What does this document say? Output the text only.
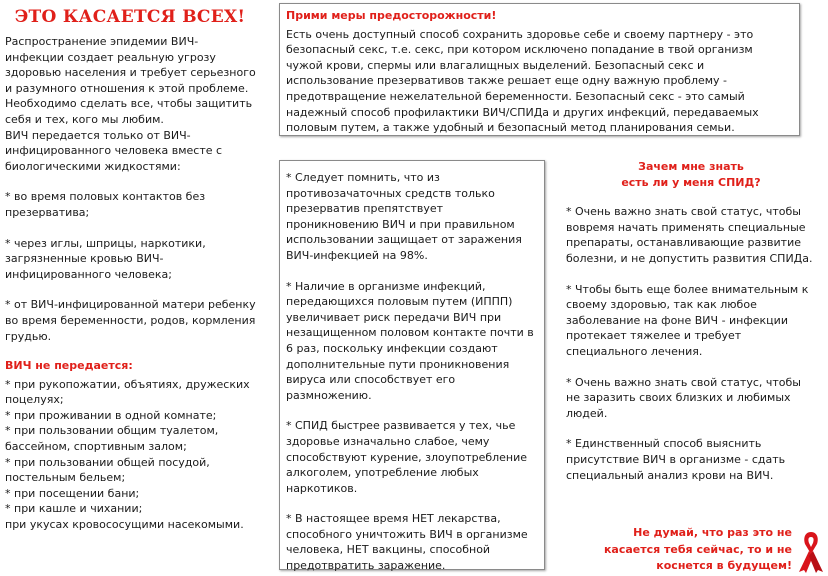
ЭТО КАСАЕТСЯ ВСЕХ!

Распространение эпидемии ВИЧ-инфекции создает реальную угрозу здоровью населения и требует серьезного и разумного отношения к этой проблеме. Необходимо сделать все, чтобы защитить себя и тех, кого мы любим.

ВИЧ передается только от ВИЧ-инфицированного человека вместе с биологическими жидкостями:

* во время половых контактов без презерватива;

* через иглы, шприцы, наркотики, загрязненные кровью ВИЧ-инфицированного человека;

* от ВИЧ-инфицированной матери ребенку во время беременности, родов, кормления грудью.

ВИЧ не передается:

* при рукопожатии, объятиях, дружеских поцелуях;

* при проживании в одной комнате;

* при пользовании общим туалетом, бассейном, спортивным залом;

* при пользовании общей посудой, постельным бельем;

* при посещении бани;

* при кашле и чихании;

при укусах кровососущими насекомыми.

Прими меры предосторожности!

Есть очень доступный способ сохранить здоровье себе и своему партнеру - это безопасный секс, т.е. секс, при котором исключено попадание в твой организм чужой крови, спермы или влагалищных выделений. Безопасный секс и использование презервативов также решает еще одну важную проблему - предотвращение нежелательной беременности. Безопасный секс - это самый надежный способ профилактики ВИЧ/СПИДа и других инфекций, передаваемых половым путем, а также удобный и безопасный метод планирования семьи.

* Следует помнить, что из противозачаточных средств только презерватив препятствует проникновению ВИЧ и при правильном использовании защищает от заражения ВИЧ-инфекцией на 98%.

* Наличие в организме инфекций, передающихся половым путем (ИППП) увеличивает риск передачи ВИЧ при незащищенном половом контакте почти в 6 раз, поскольку инфекции создают дополнительные пути проникновения вируса или способствует его размножению.

* СПИД быстрее развивается у тех, чье здоровье изначально слабое, чему способствуют курение, злоупотребление алкоголем, употребление любых наркотиков.

* В настоящее время НЕТ лекарства, способного уничтожить ВИЧ в организме человека, НЕТ вакцины, способной предотвратить заражение.

Зачем мне знать
есть ли у меня СПИД?

* Очень важно знать свой статус, чтобы вовремя начать применять специальные препараты, останавливающие развитие болезни, и не допустить развития СПИДа.

* Чтобы быть еще более внимательным к своему здоровью, так как любое заболевание на фоне ВИЧ - инфекции протекает тяжелее и требует специального лечения.

* Очень важно знать свой статус, чтобы не заразить своих близких и любимых людей.

* Единственный способ выяснить присутствие ВИЧ в организме - сдать специальный анализ крови на ВИЧ.

Не думай, что раз это не
касается тебя сейчас, то и не
коснется в будущем!
